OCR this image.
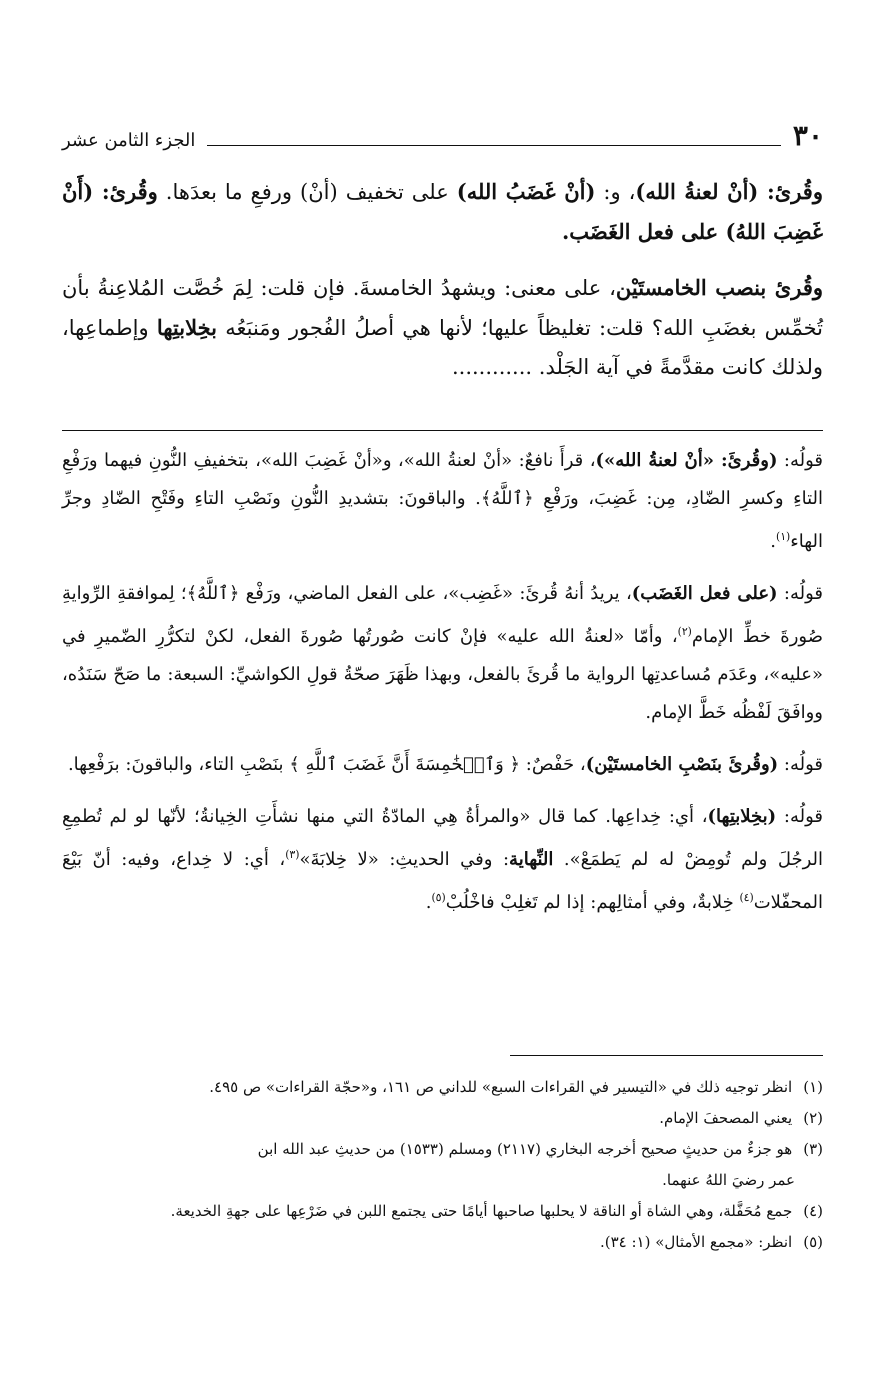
٣٠
الجزء الثامن عشر

وقُرئ: (أنْ لعنةُ الله)، و: (أنْ غَضَبُ الله) على تخفيف (أنْ) ورفعِ ما بعدَها. وقُرئ: (أَنْ غَضِبَ اللهُ) على فعل الغَضَب.

وقُرئ بنصب الخامستَيْن، على معنى: ويشهدُ الخامسةَ. فإن قلت: لِمَ خُصَّت المُلاعِنةُ بأن تُخمِّس بغضَبِ الله؟ قلت: تغليظاً عليها؛ لأنها هي أصلُ الفُجور ومَنبَعُه بخِلابتِها وإطماعِها، ولذلك كانت مقدَّمةً في آية الجَلْد. ............

قولُه: (وقُرئَ: «أنْ لعنةُ الله»)، قرأَ نافعٌ: «أنْ لعنةُ الله»، و«أنْ غَضِبَ الله»، بتخفيفِ النُّونِ فيهما ورَفْعِ التاءِ وكسرِ الضّادِ، مِن: غَضِبَ، ورَفْعِ ﴿ٱللَّهُ﴾. والباقونَ: بتشديدِ النُّونِ ونَصْبِ التاءِ وفَتْحِ الضّادِ وجرِّ الهاء$^{(١)}$.

قولُه: (على فعل الغَضَب)، يريدُ أنهُ قُرئَ: «غَضِب»، على الفعل الماضي، ورَفْع ﴿ٱللَّهُ﴾؛ لِموافقةِ الرِّوايةِ صُورةَ خطِّ الإمام$^{(٢)}$، وأمّا «لعنةُ الله عليه» فإنْ كانت صُورتُها صُورةَ الفعل، لكنْ لتكرُّرِ الضّميرِ في «عليه»، وعَدَم مُساعدتِها الرواية ما قُرئَ بالفعل، وبهذا ظَهَرَ صحّةُ قولِ الكواشيِّ: السبعة: ما صَحّ سَنَدُه، ووافَقَ لَفْظُه خَطَّ الإمام.

قولُه: (وقُرئَ بنَصْبِ الخامستَيْن)، حَفْصٌ: ﴿ وَٱلۡخَٰمِسَةَ أَنَّ غَضَبَ ٱللَّهِ ﴾ بنَصْبِ التاء، والباقونَ: برَفْعِها.

قولُه: (بخِلابتِها)، أي: خِداعِها. كما قال «والمرأةُ هِي المادّةُ التي منها نشأَتِ الخِيانةُ؛ لأنّها لو لم تُطمِعِ الرجُلَ ولم تُومِضْ له لم يَطمَعْ». النِّهاية: وفي الحديثِ: «لا خِلابَةَ»$^{(٣)}$، أي: لا خِداع، وفيه: أنّ بَيْعَ المحفّلات$^{(٤)}$ خِلابةٌ، وفي أمثالِهم: إذا لم تَغلِبْ فاخْلُبْ$^{(٥)}$.

(١) انظر توجيه ذلك في «التيسير في القراءات السبع» للداني ص ١٦١، و«حجّة القراءات» ص ٤٩٥.

(٢) يعني المصحفَ الإمام.

(٣) هو جزءٌ من حديثٍ صحيح أخرجه البخاري (٢١١٧) ومسلم (١٥٣٣) من حديثِ عبد الله ابن

عمر رضيَ اللهُ عنهما.

(٤) جمع مُحَفَّلة، وهي الشاة أو الناقة لا يحلبها صاحبها أيامًا حتى يجتمع اللبن في ضَرْعِها على جهةِ الخديعة.

(٥) انظر: «مجمع الأمثال» (١: ٣٤).
